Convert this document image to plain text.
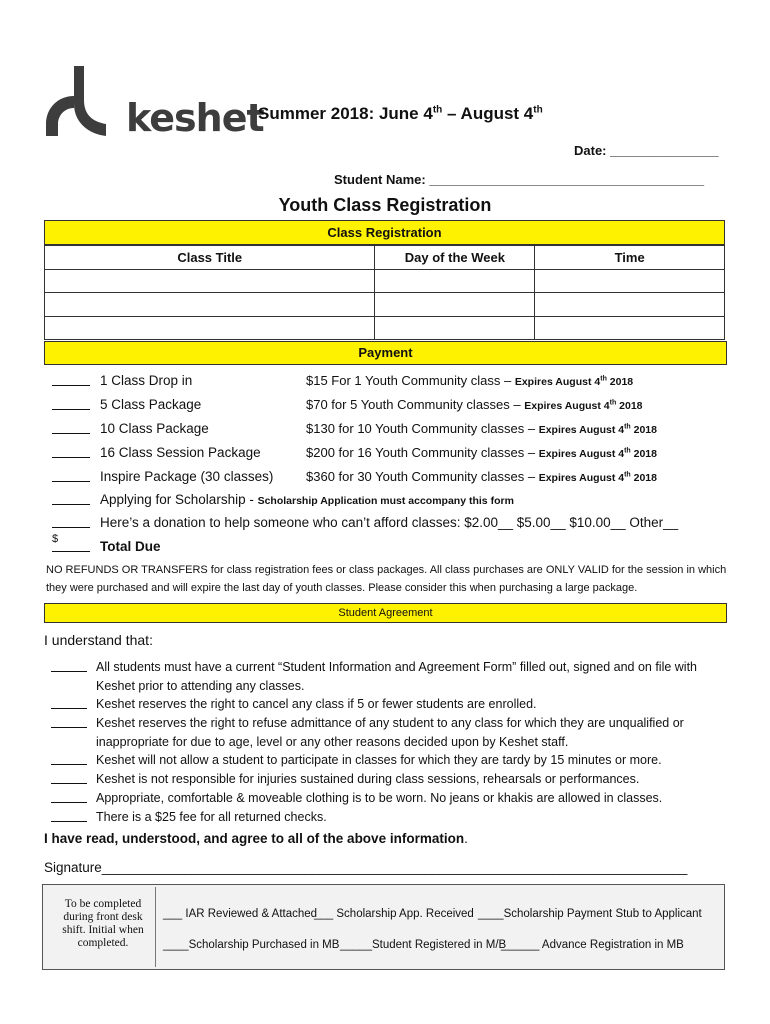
keshet
Summer 2018: June 4th – August 4th
Date: _______________
Student Name: ______________________________________
Youth Class Registration
Class Registration
Class Title	Day of the Week	Time

Payment
1 Class Drop in	$15 For 1 Youth Community class – Expires August 4th 2018
5 Class Package	$70 for 5 Youth Community classes – Expires August 4th 2018
10 Class Package	$130 for 10 Youth Community classes – Expires August 4th 2018
16 Class Session Package	$200 for 16 Youth Community classes – Expires August 4th 2018
Inspire Package (30 classes)	$360 for 30 Youth Community classes – Expires August 4th 2018
Applying for Scholarship - Scholarship Application must accompany this form
Here’s a donation to help someone who can’t afford classes: $2.00__ $5.00__ $10.00__ Other__
$	Total Due
NO REFUNDS OR TRANSFERS for class registration fees or class packages. All class purchases are ONLY VALID for the session in which they were purchased and will expire the last day of youth classes. Please consider this when purchasing a large package.
Student Agreement
I understand that:
All students must have a current “Student Information and Agreement Form” filled out, signed and on file with Keshet prior to attending any classes.
Keshet reserves the right to cancel any class if 5 or fewer students are enrolled.
Keshet reserves the right to refuse admittance of any student to any class for which they are unqualified or inappropriate for due to age, level or any other reasons decided upon by Keshet staff.
Keshet will not allow a student to participate in classes for which they are tardy by 15 minutes or more.
Keshet is not responsible for injuries sustained during class sessions, rehearsals or performances.
Appropriate, comfortable & moveable clothing is to be worn. No jeans or khakis are allowed in classes.
There is a $25 fee for all returned checks.
I have read, understood, and agree to all of the above information.
Signature______________________________________________________________________________
To be completed during front desk shift. Initial when completed.
___ IAR Reviewed & Attached
___ Scholarship App. Received ____Scholarship Payment Stub to Applicant
____Scholarship Purchased in MB _____Student Registered in M/B
______ Advance Registration in MB
